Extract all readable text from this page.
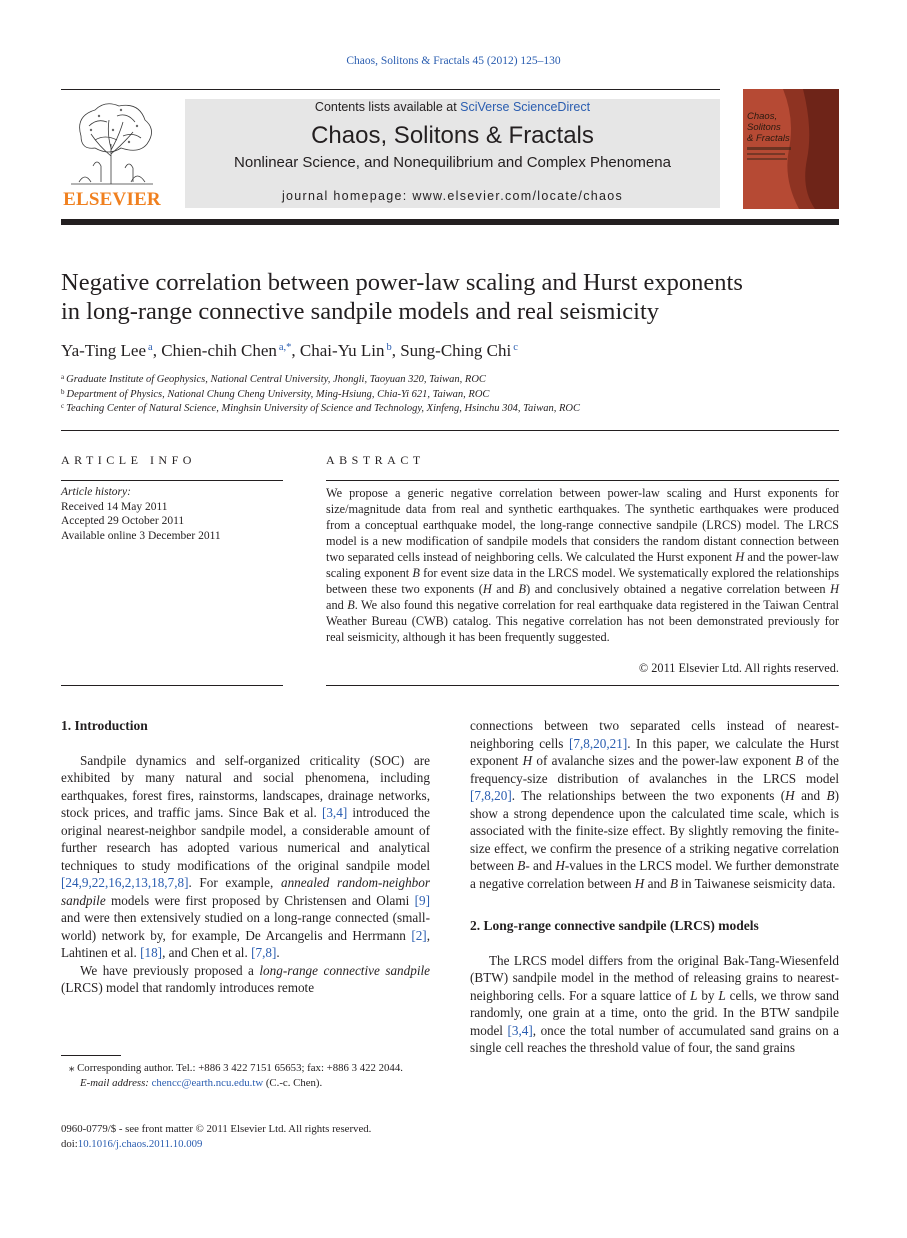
Chaos, Solitons & Fractals 45 (2012) 125–130
ELSEVIER
Contents lists available at SciVerse ScienceDirect
Chaos, Solitons & Fractals
Nonlinear Science, and Nonequilibrium and Complex Phenomena
journal homepage: www.elsevier.com/locate/chaos
Chaos,
Solitons
& Fractals
Negative correlation between power-law scaling and Hurst exponents
in long-range connective sandpile models and real seismicity
Ya-Ting Lee $^a$, Chien-chih Chen $^{a,*}$, Chai-Yu Lin $^b$, Sung-Ching Chi $^c$
$^a$ Graduate Institute of Geophysics, National Central University, Jhongli, Taoyuan 320, Taiwan, ROC
$^b$ Department of Physics, National Chung Cheng University, Ming-Hsiung, Chia-Yi 621, Taiwan, ROC
$^c$ Teaching Center of Natural Science, Minghsin University of Science and Technology, Xinfeng, Hsinchu 304, Taiwan, ROC
ARTICLE INFO
Article history:
Received 14 May 2011
Accepted 29 October 2011
Available online 3 December 2011
ABSTRACT
We propose a generic negative correlation between power-law scaling and Hurst exponents for size/magnitude data from real and synthetic earthquakes. The synthetic earthquakes were produced from a conceptual earthquake model, the long-range connective sandpile (LRCS) model. The LRCS model is a new modification of sandpile models that considers the random distant connection between two separated cells instead of neighboring cells. We calculated the Hurst exponent H and the power-law scaling exponent B for event size data in the LRCS model. We systematically explored the relationships between these two exponents (H and B) and conclusively obtained a negative correlation between H and B. We also found this negative correlation for real earthquake data registered in the Taiwan Central Weather Bureau (CWB) catalog. This negative correlation has not been demonstrated previously for real seismicity, although it has been frequently suggested.
© 2011 Elsevier Ltd. All rights reserved.
1. Introduction

Sandpile dynamics and self-organized criticality (SOC) are exhibited by many natural and social phenomena, including earthquakes, forest fires, rainstorms, landscapes, drainage networks, stock prices, and traffic jams. Since Bak et al. [3,4] introduced the original nearest-neighbor sandpile model, a considerable amount of further research has adopted various numerical and analytical techniques to study modifications of the original sandpile model [24,9,22,16,2,13,18,7,8]. For example, annealed random-neighbor sandpile models were first proposed by Christensen and Olami [9] and were then extensively studied on a long-range connected (small-world) network by, for example, De Arcangelis and Herrmann [2], Lahtinen et al. [18], and Chen et al. [7,8].

We have previously proposed a long-range connective sandpile (LRCS) model that randomly introduces remote

connections between two separated cells instead of nearest-neighboring cells [7,8,20,21]. In this paper, we calculate the Hurst exponent H of avalanche sizes and the power-law exponent B of the frequency-size distribution of avalanches in the LRCS model [7,8,20]. The relationships between the two exponents (H and B) show a strong dependence upon the calculated time scale, which is associated with the finite-size effect. By slightly removing the finite-size effect, we confirm the presence of a striking negative correlation between B- and H-values in the LRCS model. We further demonstrate a negative correlation between H and B in Taiwanese seismicity data.

2. Long-range connective sandpile (LRCS) models

The LRCS model differs from the original Bak-Tang-Wiesenfeld (BTW) sandpile model in the method of releasing grains to nearest-neighboring cells. For a square lattice of L by L cells, we throw sand randomly, one grain at a time, onto the grid. In the BTW sandpile model [3,4], once the total number of accumulated sand grains on a single cell reaches the threshold value of four, the sand grains

⁎ Corresponding author. Tel.: +886 3 422 7151 65653; fax: +886 3 422 2044.
E-mail address: chencc@earth.ncu.edu.tw (C.-c. Chen).
0960-0779/$ - see front matter © 2011 Elsevier Ltd. All rights reserved.
doi:10.1016/j.chaos.2011.10.009
